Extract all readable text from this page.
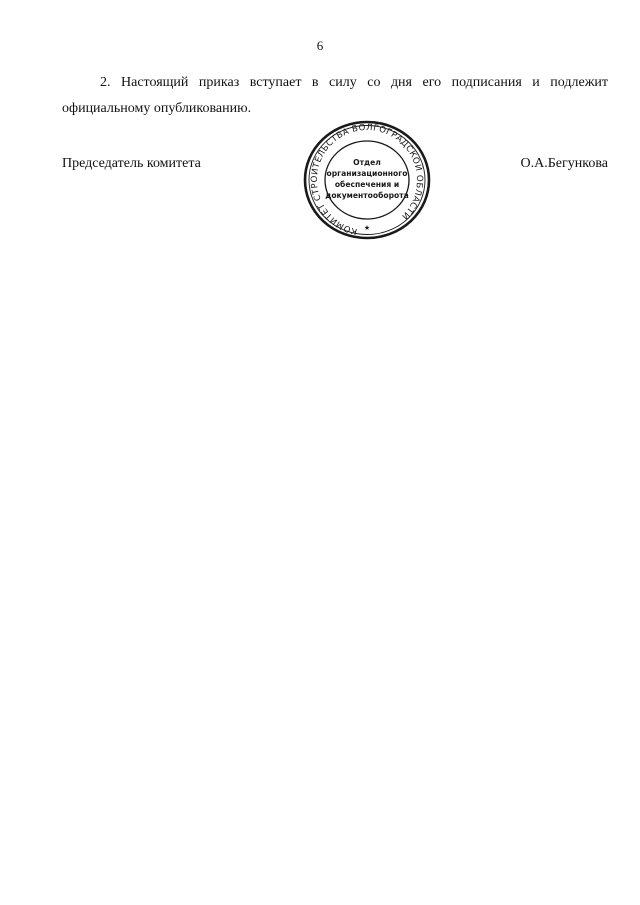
6

2. Настоящий приказ вступает в силу со дня его подписания и подлежит официальному опубликованию.

Председатель комитета	О.А.Бегункова
КОМИТЕТ СТРОИТЕЛЬСТВА ВОЛГОГРАДСКОЙ ОБЛАСТИ
★
Отдел
организационного
обеспечения и
документооборота
